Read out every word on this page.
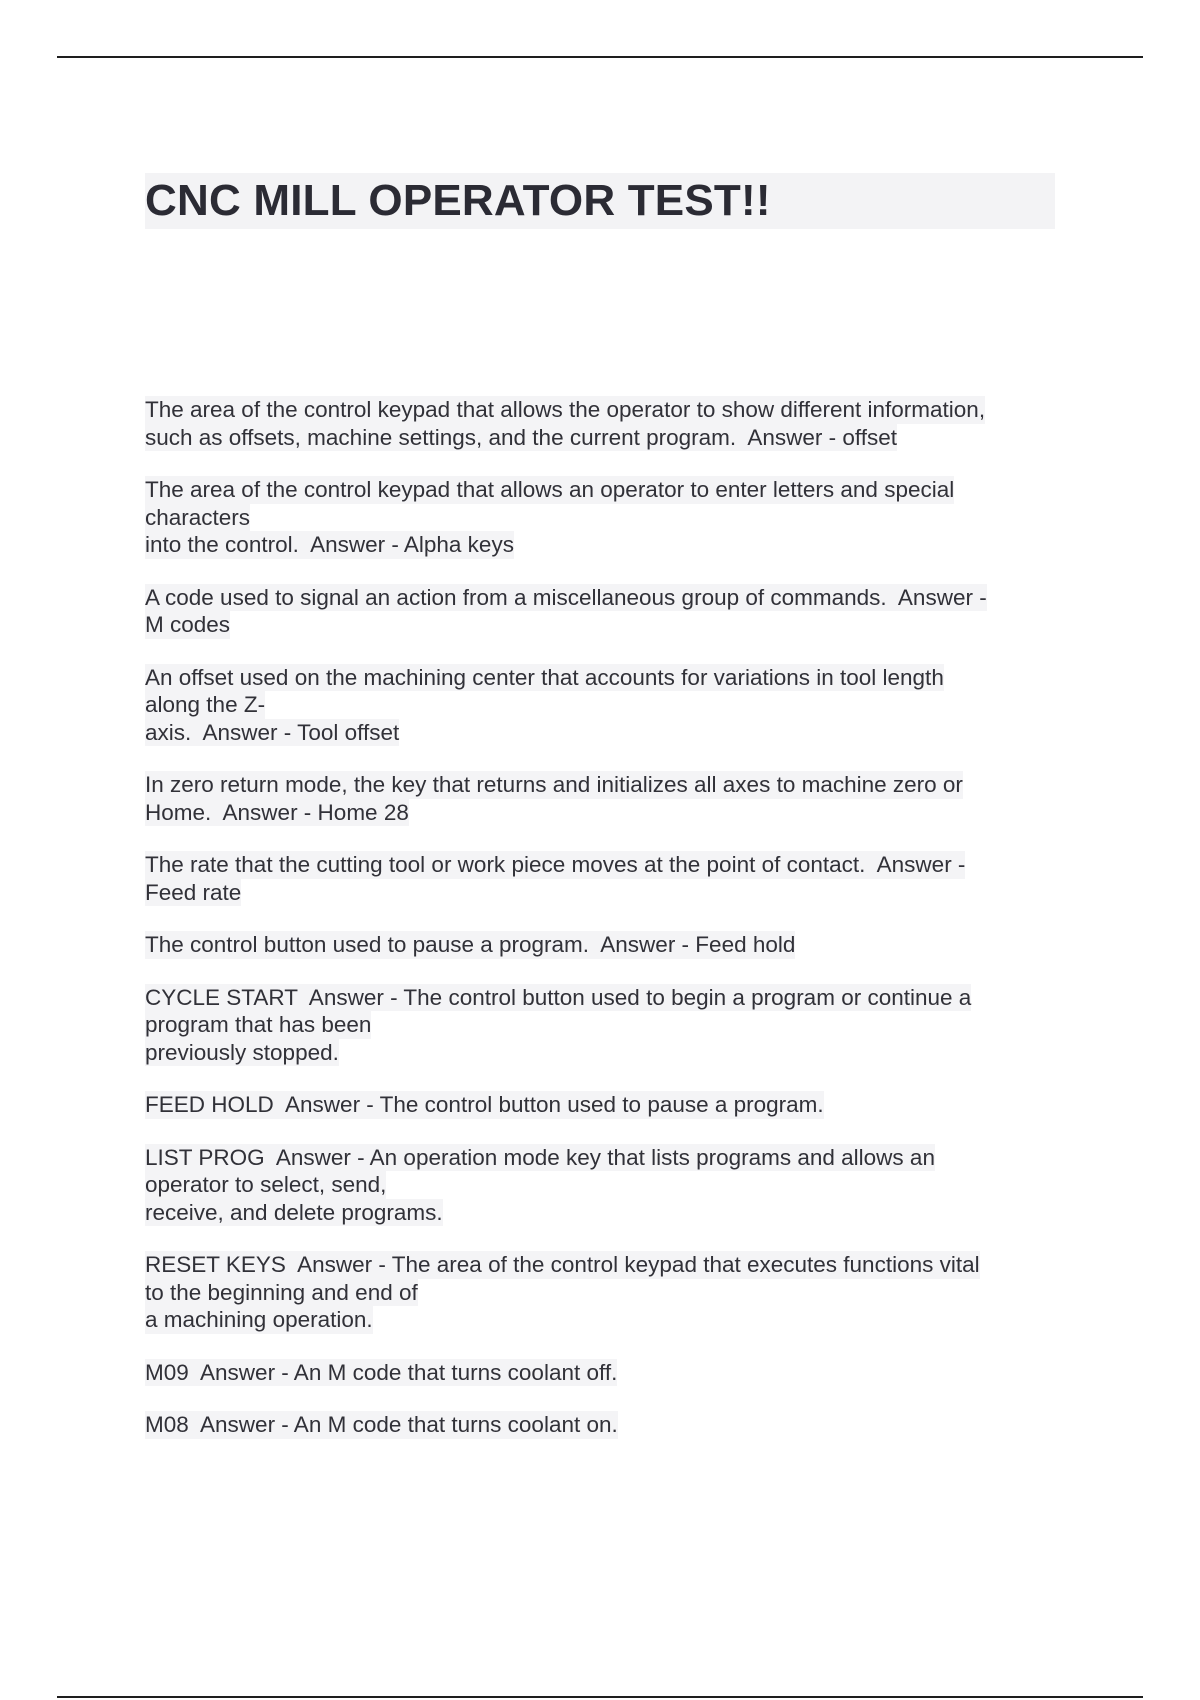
CNC MILL OPERATOR TEST!!
The area of the control keypad that allows the operator to show different information,
such as offsets, machine settings, and the current program.  Answer - offset
The area of the control keypad that allows an operator to enter letters and special
characters
into the control.  Answer - Alpha keys
A code used to signal an action from a miscellaneous group of commands.  Answer -
M codes
An offset used on the machining center that accounts for variations in tool length
along the Z-
axis.  Answer - Tool offset
In zero return mode, the key that returns and initializes all axes to machine zero or
Home.  Answer - Home 28
The rate that the cutting tool or work piece moves at the point of contact.  Answer -
Feed rate
The control button used to pause a program.  Answer - Feed hold
CYCLE START  Answer - The control button used to begin a program or continue a
program that has been
previously stopped.
FEED HOLD  Answer - The control button used to pause a program.
LIST PROG  Answer - An operation mode key that lists programs and allows an
operator to select, send,
receive, and delete programs.
RESET KEYS  Answer - The area of the control keypad that executes functions vital
to the beginning and end of
a machining operation.
M09  Answer - An M code that turns coolant off.
M08  Answer - An M code that turns coolant on.
